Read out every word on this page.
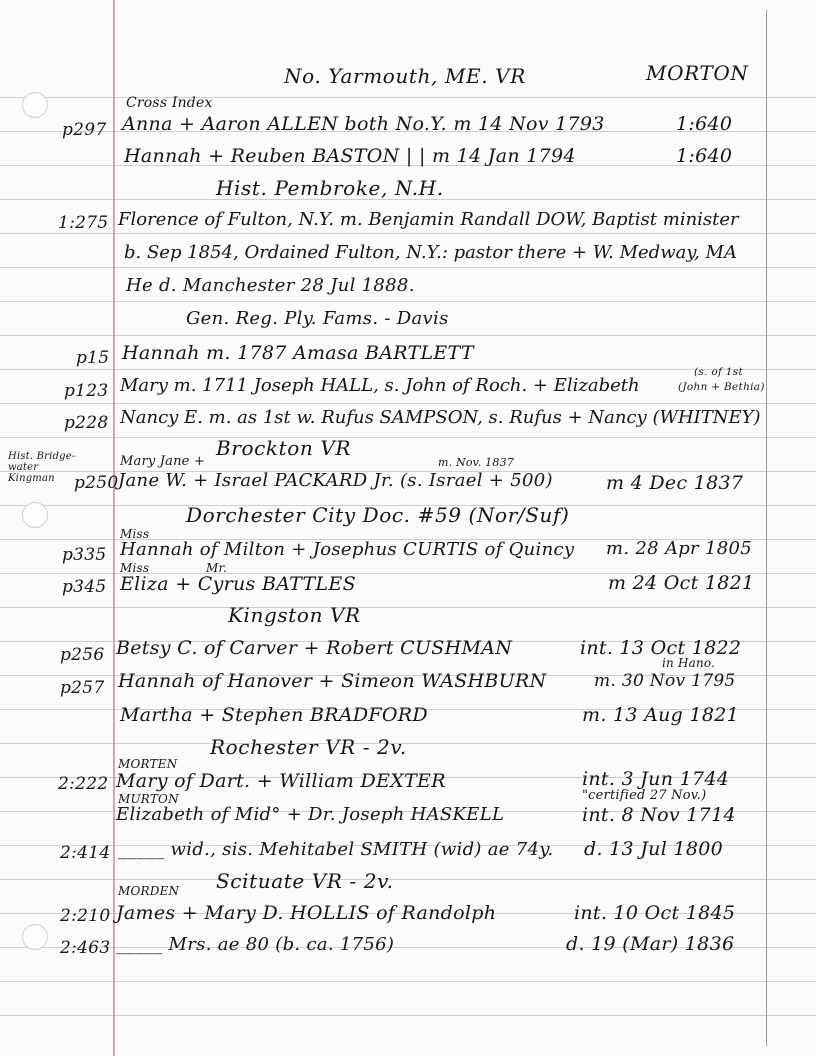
No. Yarmouth, ME. VR	MORTON
Cross Index
p297 Anna + Aaron ALLEN both No.Y. m 14 Nov 1793	1:640
Hannah + Reuben BASTON | | m 14 Jan 1794	1:640
Hist. Pembroke, N.H.
1:275 Florence of Fulton, N.Y. m. Benjamin Randall DOW, Baptist minister
b. Sep 1854, Ordained Fulton, N.Y.: pastor there + W. Medway, MA
He d. Manchester 28 Jul 1888.
Gen. Reg. Ply. Fams. - Davis
p15 Hannah m. 1787 Amasa BARTLETT
p123 Mary m. 1711 Joseph HALL, s. John of Roch. + Elizabeth
(s. of 1st
(John + Bethia)
p228 Nancy E. m. as 1st w. Rufus SAMPSON, s. Rufus + Nancy (WHITNEY)
Brockton VR
Hist. Bridge- water Kingman
Mary Jane +	m. Nov. 1837
p250 Jane W. + Israel PACKARD Jr. (s. Israel + 500)	m 4 Dec 1837
Dorchester City Doc. #59 (Nor/Suf)
Miss
p335 Hannah of Milton + Josephus CURTIS of Quincy m. 28 Apr 1805
Miss	Mr.
p345 Eliza + Cyrus BATTLES	m 24 Oct 1821
Kingston VR
p256 Betsy C. of Carver + Robert CUSHMAN	int. 13 Oct 1822
in Hano.
p257 Hannah of Hanover + Simeon WASHBURN	m. 30 Nov 1795
Martha + Stephen BRADFORD	m. 13 Aug 1821
Rochester VR - 2v.
MORTEN
2:222 Mary of Dart. + William DEXTER	int. 3 Jun 1744
MURTON	"certified 27 Nov.)
Elizabeth of Mid° + Dr. Joseph HASKELL	int. 8 Nov 1714
2:414 _____ wid., sis. Mehitabel SMITH (wid) ae 74y. d. 13 Jul 1800
Scituate VR - 2v.
MORDEN
2:210 James + Mary D. HOLLIS of Randolph	int. 10 Oct 1845
2:463 _____ Mrs. ae 80 (b. ca. 1756)	d. 19 (Mar) 1836
